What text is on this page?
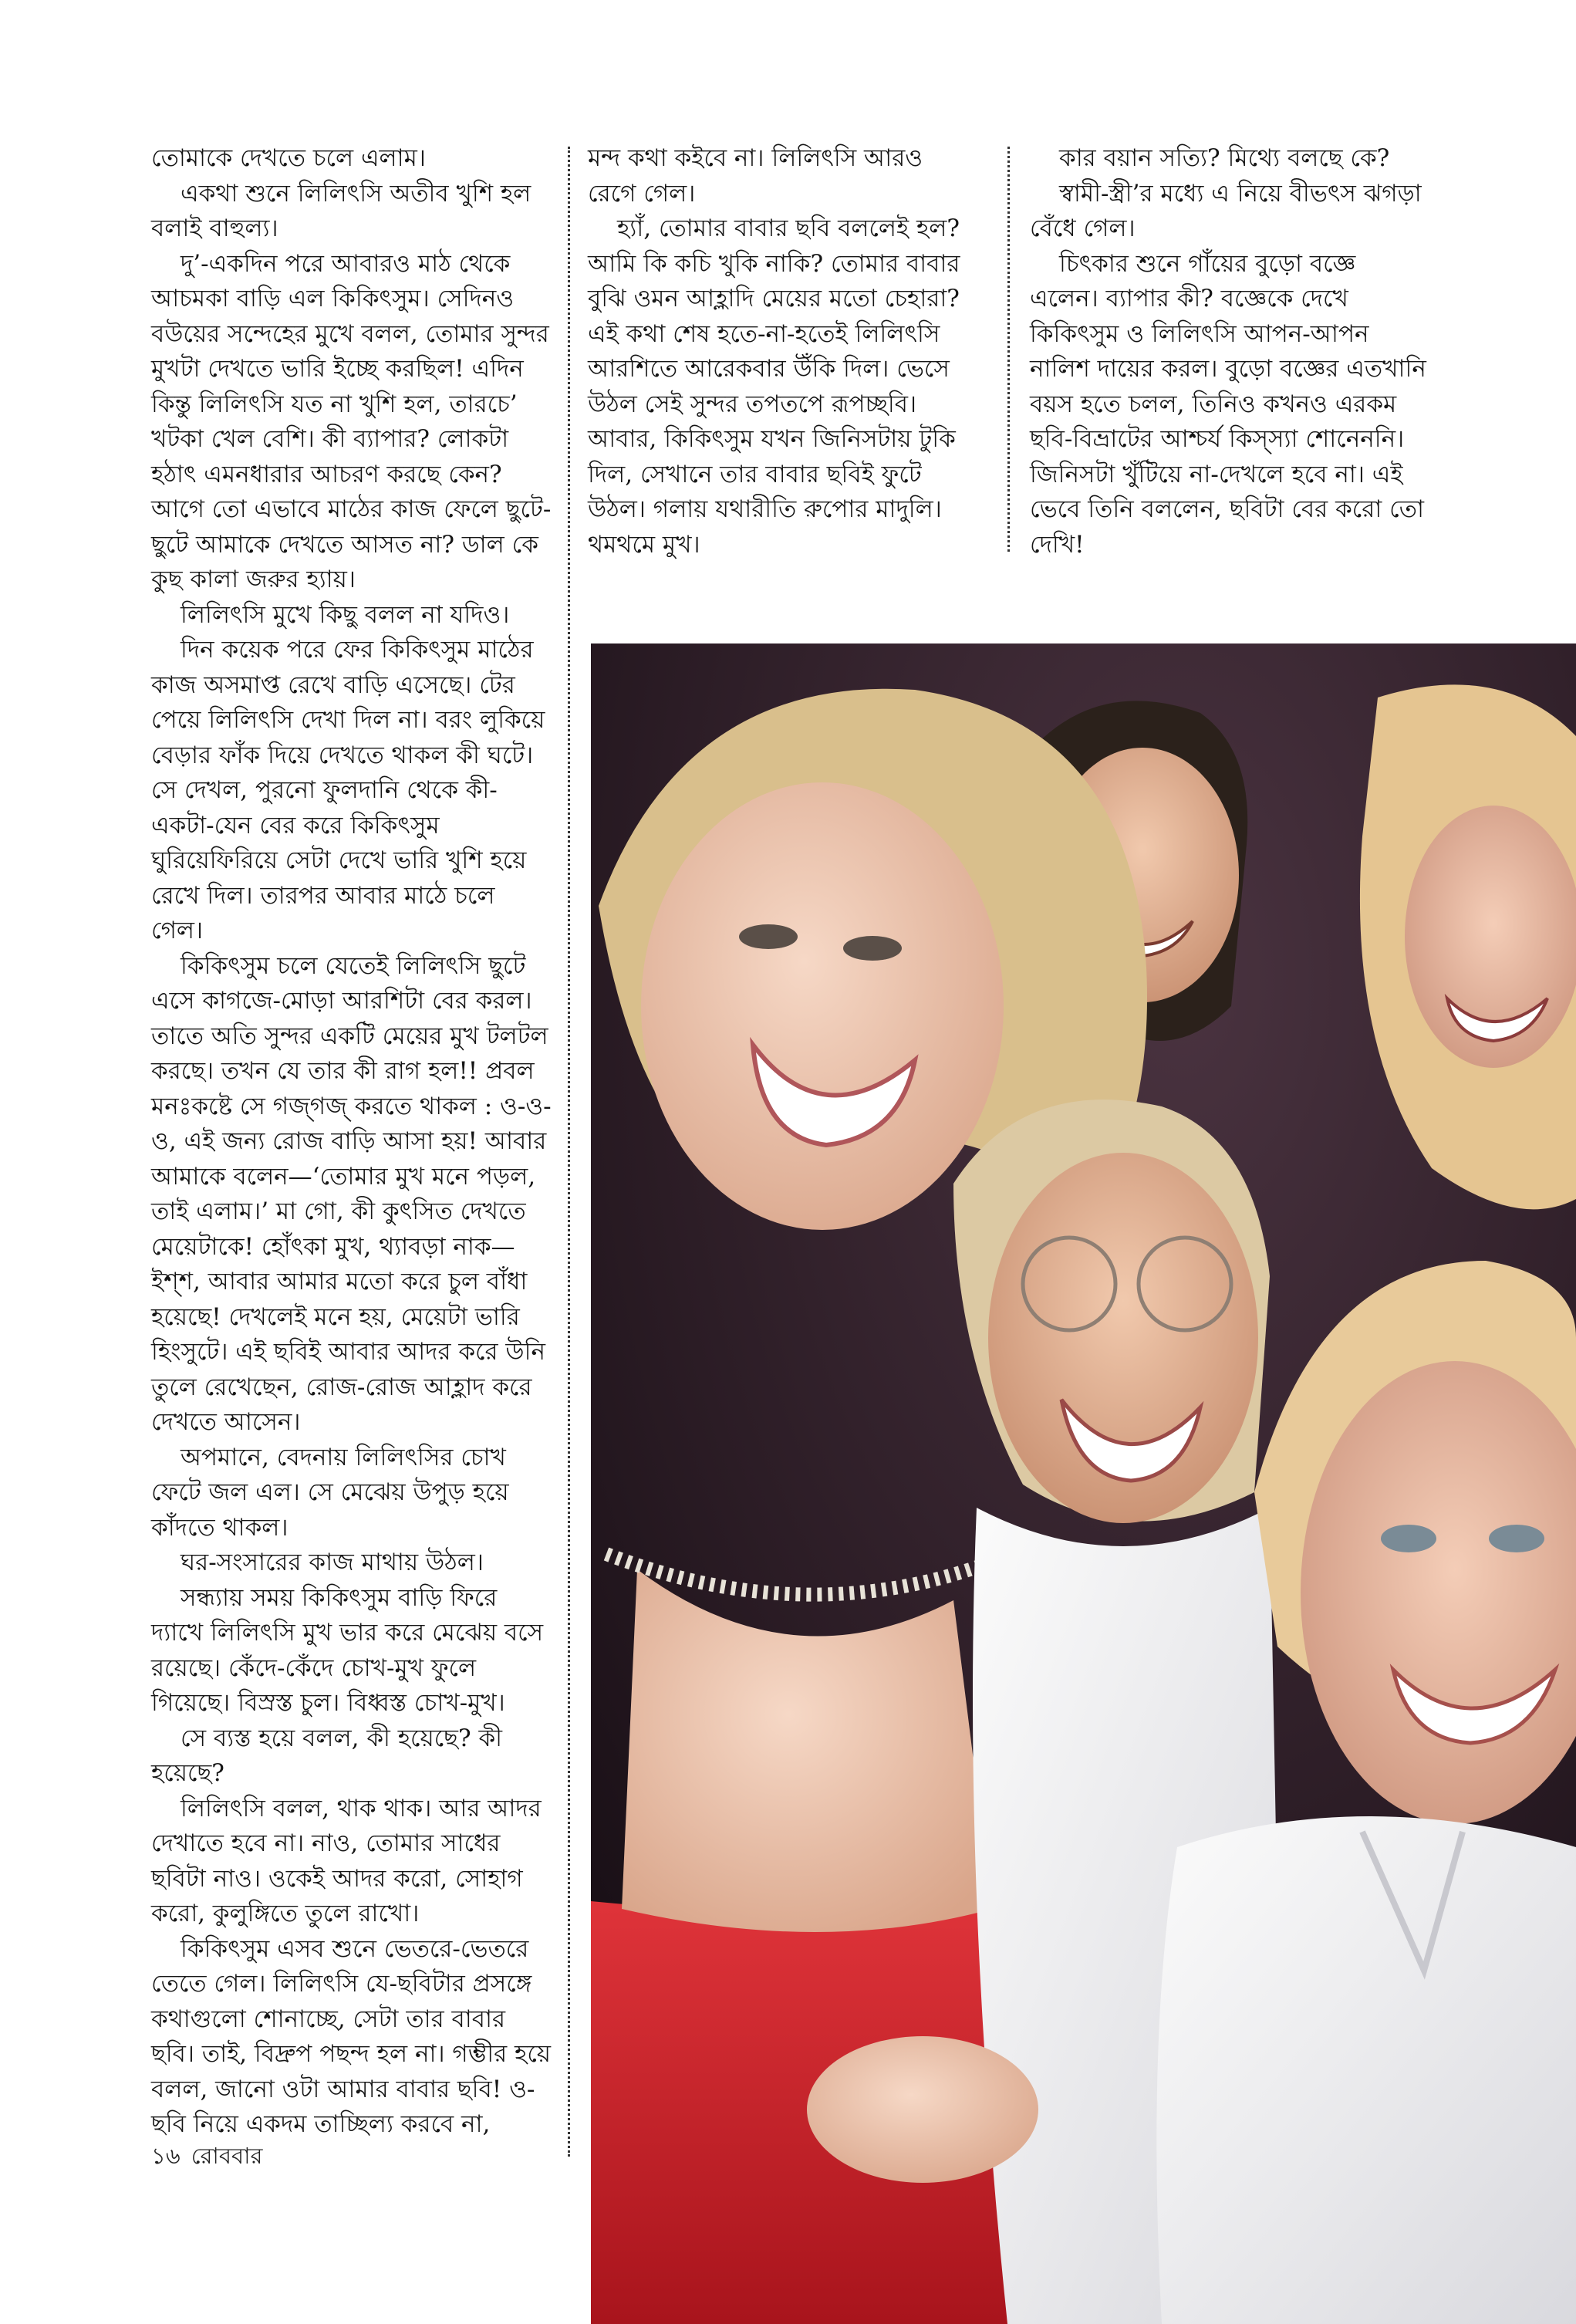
তোমাকে দেখতে চলে এলাম।

একথা শুনে লিলিৎসি অতীব খুশি হল বলাই বাহুল্য।

দু’-একদিন পরে আবারও মাঠ থেকে আচমকা বাড়ি এল কিকিৎসুম। সেদিনও বউয়ের সন্দেহের মুখে বলল, তোমার সুন্দর মুখটা দেখতে ভারি ইচ্ছে করছিল! এদিন কিন্তু লিলিৎসি যত না খুশি হল, তারচে’ খটকা খেল বেশি। কী ব্যাপার? লোকটা হঠাৎ এমনধারার আচরণ করছে কেন? আগে তো এভাবে মাঠের কাজ ফেলে ছুটে-ছুটে আমাকে দেখতে আসত না? ডাল কে কুছ কালা জরুর হ্যায়।

লিলিৎসি মুখে কিছু বলল না যদিও।

দিন কয়েক পরে ফের কিকিৎসুম মাঠের কাজ অসমাপ্ত রেখে বাড়ি এসেছে। টের পেয়ে লিলিৎসি দেখা দিল না। বরং লুকিয়ে বেড়ার ফাঁক দিয়ে দেখতে থাকল কী ঘটে। সে দেখল, পুরনো ফুলদানি থেকে কী-একটা-যেন বের করে কিকিৎসুম ঘুরিয়েফিরিয়ে সেটা দেখে ভারি খুশি হয়ে রেখে দিল। তারপর আবার মাঠে চলে গেল।

কিকিৎসুম চলে যেতেই লিলিৎসি ছুটে এসে কাগজে-মোড়া আরশিটা বের করল। তাতে অতি সুন্দর একটি মেয়ের মুখ টলটল করছে। তখন যে তার কী রাগ হল!! প্রবল মনঃকষ্টে সে গজ্‌গজ্‌ করতে থাকল : ও-ও-ও, এই জন্য রোজ বাড়ি আসা হয়! আবার আমাকে বলেন—‘তোমার মুখ মনে পড়ল, তাই এলাম।’ মা গো, কী কুৎসিত দেখতে মেয়েটাকে! হোঁৎকা মুখ, থ্যাবড়া নাক—ইশ্‌শ, আবার আমার মতো করে চুল বাঁধা হয়েছে! দেখলেই মনে হয়, মেয়েটা ভারি হিংসুটে। এই ছবিই আবার আদর করে উনি তুলে রেখেছেন, রোজ-রোজ আহ্লাদ করে দেখতে আসেন।

অপমানে, বেদনায় লিলিৎসির চোখ ফেটে জল এল। সে মেঝেয় উপুড় হয়ে কাঁদতে থাকল।

ঘর-সংসারের কাজ মাথায় উঠল।

সন্ধ্যায় সময় কিকিৎসুম বাড়ি ফিরে দ্যাখে লিলিৎসি মুখ ভার করে মেঝেয় বসে রয়েছে। কেঁদে-কেঁদে চোখ-মুখ ফুলে গিয়েছে। বিস্রস্ত চুল। বিধ্বস্ত চোখ-মুখ।

সে ব্যস্ত হয়ে বলল, কী হয়েছে? কী হয়েছে?

লিলিৎসি বলল, থাক থাক। আর আদর দেখাতে হবে না। নাও, তোমার সাধের ছবিটা নাও। ওকেই আদর করো, সোহাগ করো, কুলুঙ্গিতে তুলে রাখো।

কিকিৎসুম এসব শুনে ভেতরে-ভেতরে তেতে গেল। লিলিৎসি যে-ছবিটার প্রসঙ্গে কথাগুলো শোনাচ্ছে, সেটা তার বাবার ছবি। তাই, বিদ্রুপ পছন্দ হল না। গম্ভীর হয়ে বলল, জানো ওটা আমার বাবার ছবি! ও-ছবি নিয়ে একদম তাচ্ছিল্য করবে না,

মন্দ কথা কইবে না। লিলিৎসি আরও রেগে গেল।

হ্যাঁ, তোমার বাবার ছবি বললেই হল? আমি কি কচি খুকি নাকি? তোমার বাবার বুঝি ওমন আহ্লাদি মেয়ের মতো চেহারা? এই কথা শেষ হতে-না-হতেই লিলিৎসি আরশিতে আরেকবার উঁকি দিল। ভেসে উঠল সেই সুন্দর তপতপে রূপচ্ছবি। আবার, কিকিৎসুম যখন জিনিসটায় টুকি দিল, সেখানে তার বাবার ছবিই ফুটে উঠল। গলায় যথারীতি রুপোর মাদুলি। থমথমে মুখ।

কার বয়ান সত্যি? মিথ্যে বলছে কে?

স্বামী-স্ত্রী’র মধ্যে এ নিয়ে বীভৎস ঝগড়া বেঁধে গেল।

চিৎকার শুনে গাঁয়ের বুড়ো বজ্ঞে এলেন। ব্যাপার কী? বজ্ঞেকে দেখে কিকিৎসুম ও লিলিৎসি আপন-আপন নালিশ দায়ের করল। বুড়ো বজ্ঞের এতখানি বয়স হতে চলল, তিনিও কখনও এরকম ছবি-বিভ্রাটের আশ্চর্য কিস্‌স্যা শোনেননি। জিনিসটা খুঁটিয়ে না-দেখলে হবে না। এই ভেবে তিনি বললেন, ছবিটা বের করো তো দেখি!

১৬ রোববার
